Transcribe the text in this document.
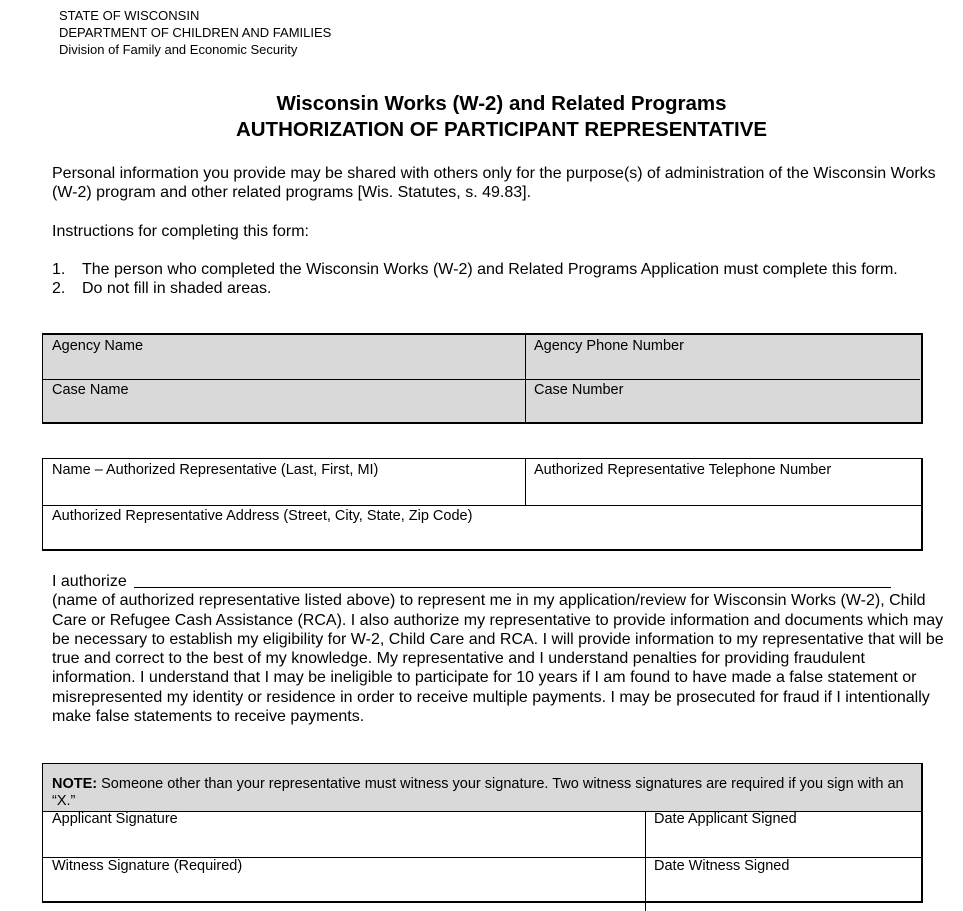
STATE OF WISCONSIN
DEPARTMENT OF CHILDREN AND FAMILIES
Division of Family and Economic Security
Wisconsin Works (W-2) and Related Programs
AUTHORIZATION OF PARTICIPANT REPRESENTATIVE
Personal information you provide may be shared with others only for the purpose(s) of administration of the Wisconsin Works (W-2) program and other related programs [Wis. Statutes, s. 49.83].
Instructions for completing this form:
1.	The person who completed the Wisconsin Works (W-2) and Related Programs Application must complete this form.
2.	Do not fill in shaded areas.
Agency Name	Agency Phone Number
Case Name	Case Number
Name – Authorized Representative (Last, First, MI)	Authorized Representative Telephone Number
Authorized Representative Address (Street, City, State, Zip Code)
I authorize
(name of authorized representative listed above) to represent me in my application/review for Wisconsin Works (W-2), Child Care or Refugee Cash Assistance (RCA). I also authorize my representative to provide information and documents which may be necessary to establish my eligibility for W-2, Child Care and RCA. I will provide information to my representative that will be true and correct to the best of my knowledge. My representative and I understand penalties for providing fraudulent information. I understand that I may be ineligible to participate for 10 years if I am found to have made a false statement or misrepresented my identity or residence in order to receive multiple payments. I may be prosecuted for fraud if I intentionally make false statements to receive payments.
NOTE: Someone other than your representative must witness your signature. Two witness signatures are required if you sign with an “X.”
Applicant Signature	Date Applicant Signed
Witness Signature (Required)	Date Witness Signed
